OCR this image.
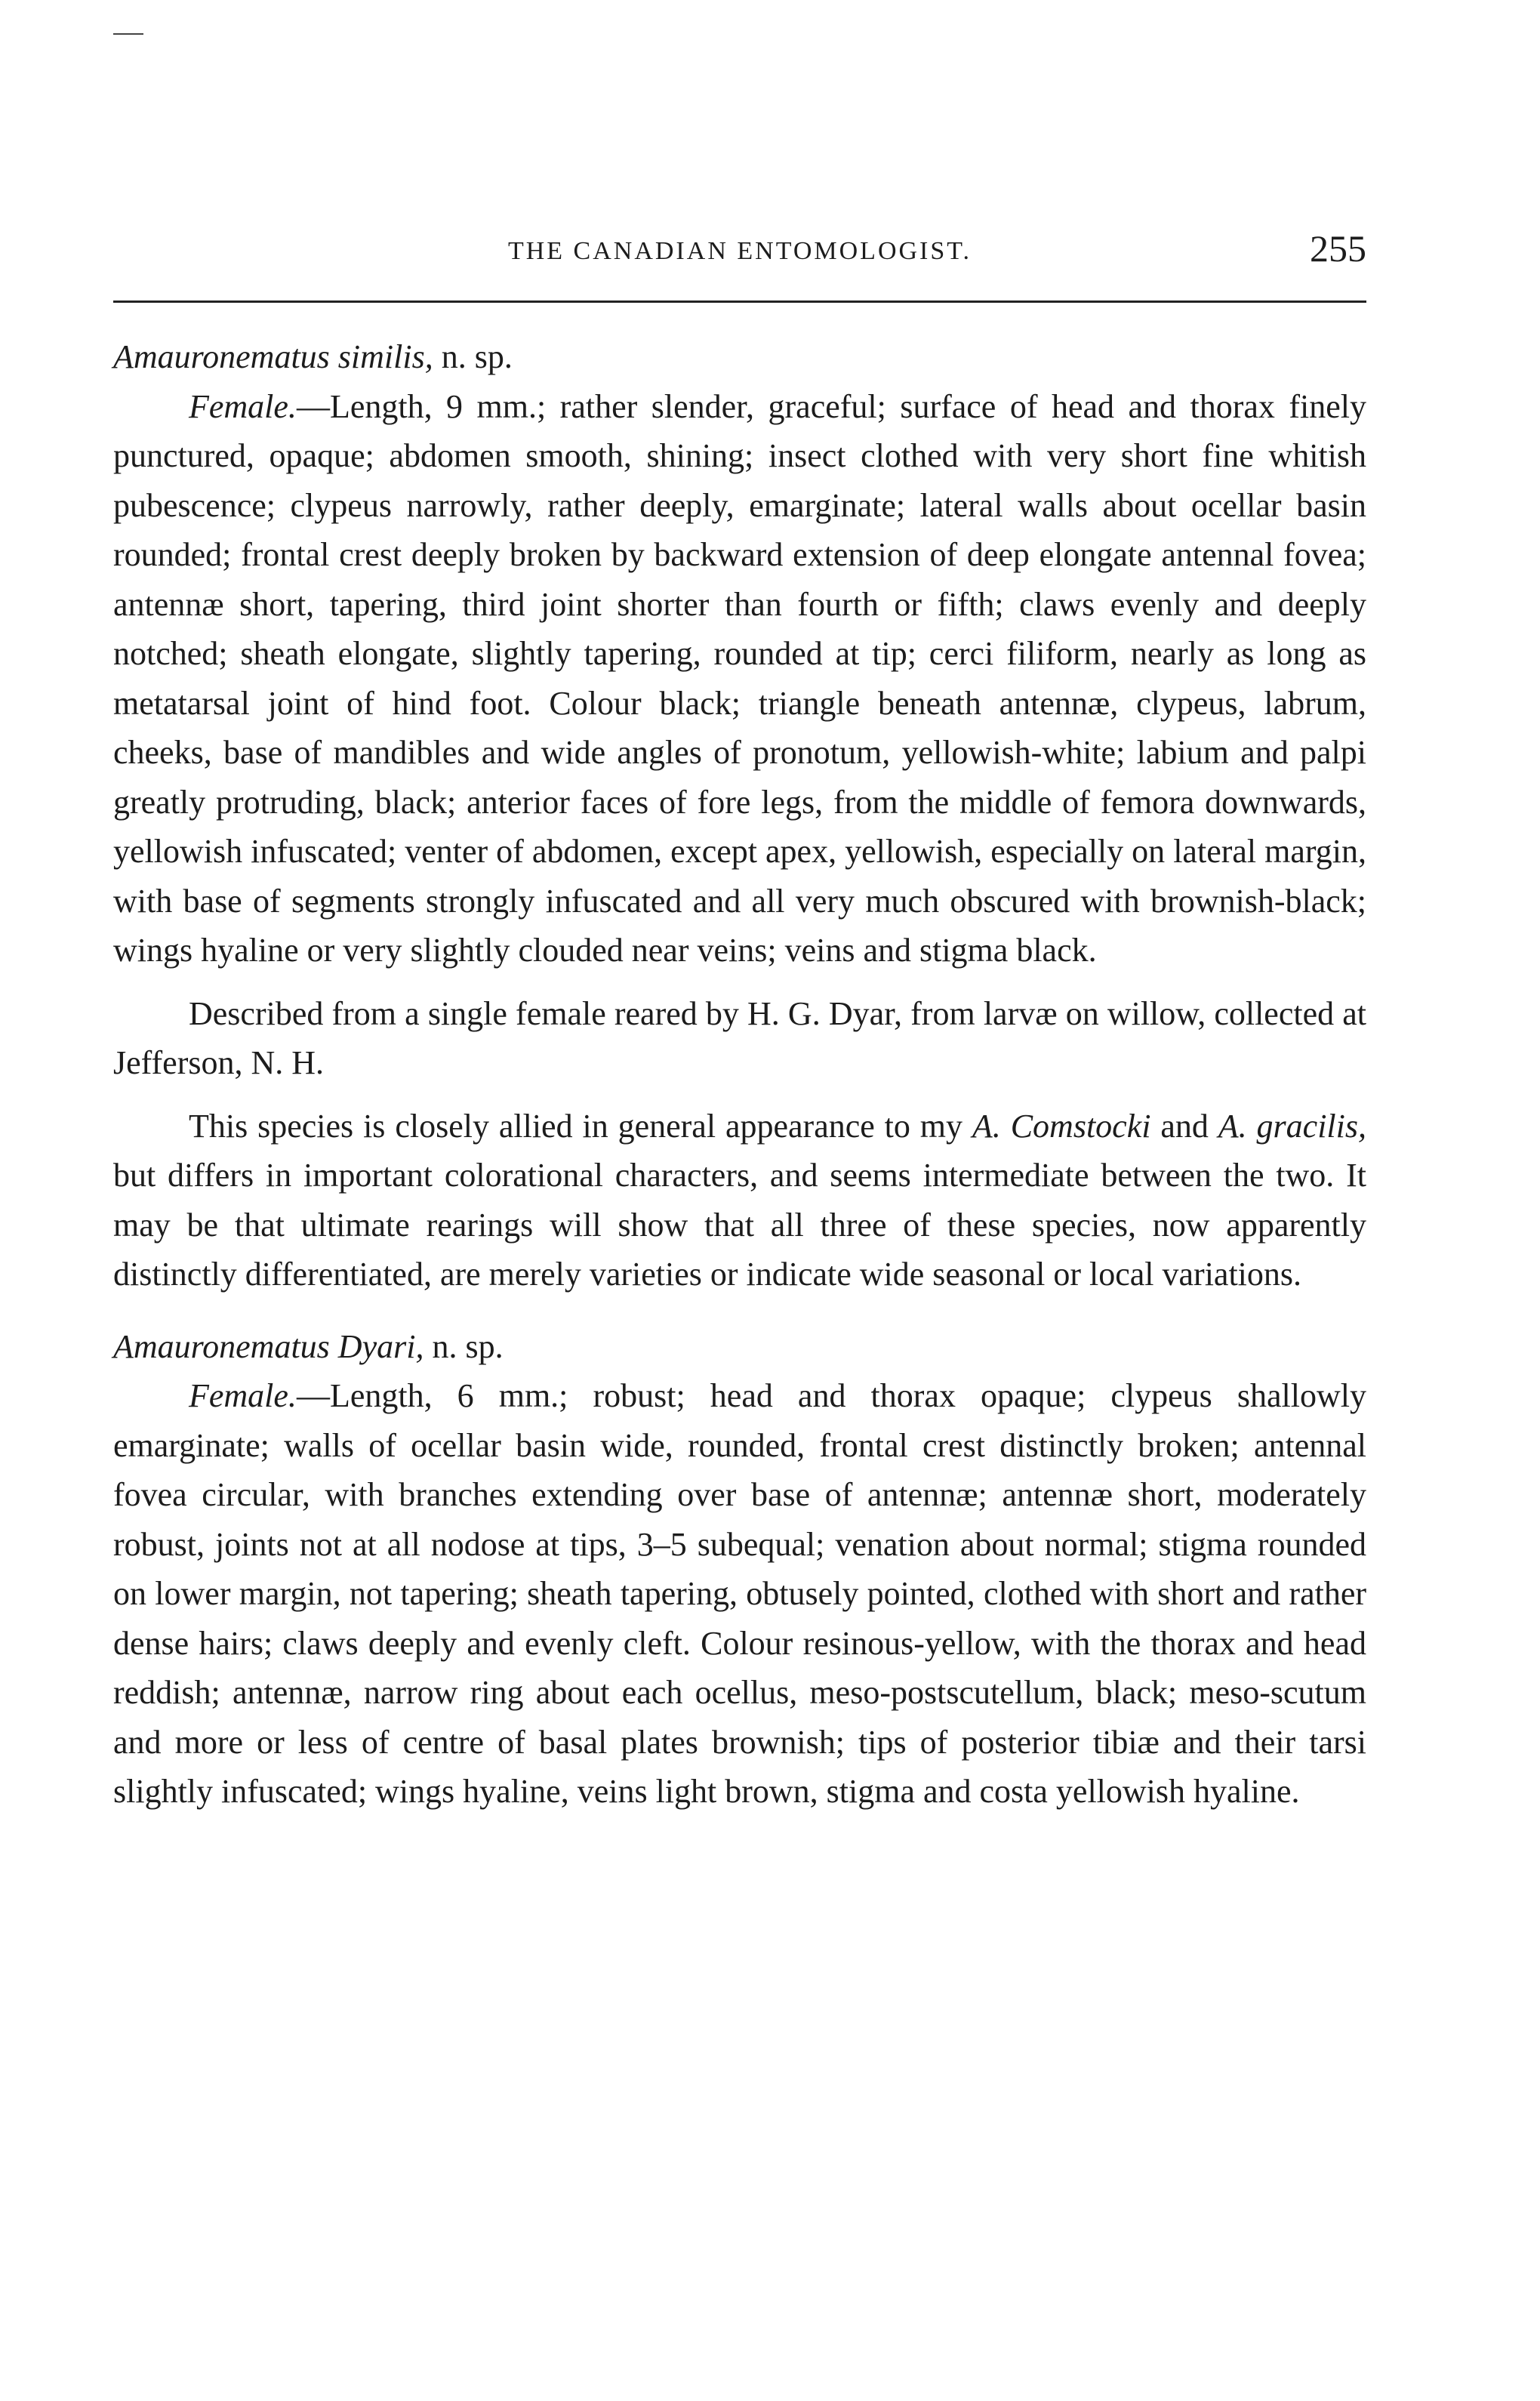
THE CANADIAN ENTOMOLOGIST.	255

Amauronematus similis, n. sp.

Female.—Length, 9 mm.; rather slender, graceful; surface of head and thorax finely punctured, opaque; abdomen smooth, shining; insect clothed with very short fine whitish pubescence; clypeus narrowly, rather deeply, emarginate; lateral walls about ocellar basin rounded; frontal crest deeply broken by backward extension of deep elongate antennal fovea; antennæ short, tapering, third joint shorter than fourth or fifth; claws evenly and deeply notched; sheath elongate, slightly tapering, rounded at tip; cerci filiform, nearly as long as metatarsal joint of hind foot. Colour black; triangle beneath antennæ, clypeus, labrum, cheeks, base of mandibles and wide angles of pronotum, yellowish-white; labium and palpi greatly protruding, black; anterior faces of fore legs, from the middle of femora downwards, yellowish infuscated; venter of abdomen, except apex, yellowish, especially on lateral margin, with base of segments strongly infuscated and all very much obscured with brownish-black; wings hyaline or very slightly clouded near veins; veins and stigma black.

Described from a single female reared by H. G. Dyar, from larvæ on willow, collected at Jefferson, N. H.

This species is closely allied in general appearance to my A. Comstocki and A. gracilis, but differs in important colorational characters, and seems intermediate between the two. It may be that ultimate rearings will show that all three of these species, now apparently distinctly differentiated, are merely varieties or indicate wide seasonal or local variations.

Amauronematus Dyari, n. sp.

Female.—Length, 6 mm.; robust; head and thorax opaque; clypeus shallowly emarginate; walls of ocellar basin wide, rounded, frontal crest distinctly broken; antennal fovea circular, with branches extending over base of antennæ; antennæ short, moderately robust, joints not at all nodose at tips, 3–5 subequal; venation about normal; stigma rounded on lower margin, not tapering; sheath tapering, obtusely pointed, clothed with short and rather dense hairs; claws deeply and evenly cleft. Colour resinous-yellow, with the thorax and head reddish; antennæ, narrow ring about each ocellus, meso-postscutellum, black; meso-scutum and more or less of centre of basal plates brownish; tips of posterior tibiæ and their tarsi slightly infuscated; wings hyaline, veins light brown, stigma and costa yellowish hyaline.
